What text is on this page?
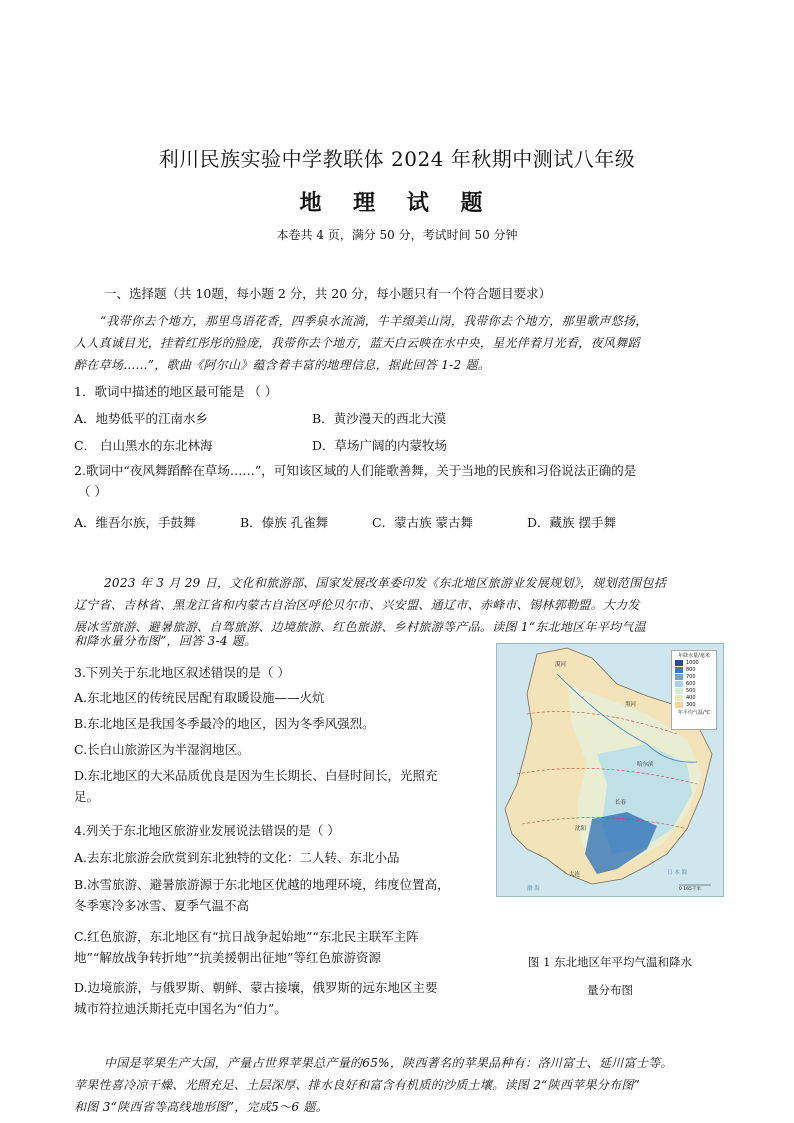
利川民族实验中学教联体 2024 年秋期中测试八年级
地 理 试 题
本卷共 4 页，满分 50 分，考试时间 50 分钟
一、选择题（共 10题，每小题 2 分，共 20 分，每小题只有一个符合题目要求）
“我带你去个地方，那里鸟语花香，四季泉水流淌，牛羊缀美山岗，我带你去个地方，那里歌声悠扬，
人人真诚目光，挂着红彤彤的脸庞，我带你去个地方，蓝天白云映在水中央，星光伴着月光看，夜风舞蹈
醉在草场……”，歌曲《阿尔山》蕴含着丰富的地理信息，据此回答 1-2 题。
1．歌词中描述的地区最可能是 （ ）
A．地势低平的江南水乡	B．黄沙漫天的西北大漠
C． 白山黑水的东北林海	D．草场广阔的内蒙牧场
2.歌词中“夜风舞蹈醉在草场……”，可知该区域的人们能歌善舞，关于当地的民族和习俗说法正确的是
（ ）
A．维吾尔族，手鼓舞	B．傣族 孔雀舞	C．蒙古族 蒙古舞	D．藏族 摆手舞
2023 年 3 月 29 日，文化和旅游部、国家发展改革委印发《东北地区旅游业发展规划》，规划范围包括
辽宁省、吉林省、黑龙江省和内蒙古自治区呼伦贝尔市、兴安盟、通辽市、赤峰市、锡林郭勒盟。大力发
展冰雪旅游、避暑旅游、自驾旅游、边境旅游、红色旅游、乡村旅游等产品。读图 1“东北地区年平均气温
和降水量分布图”，回答 3-4 题。
3.下列关于东北地区叙述错误的是（ ）
A.东北地区的传统民居配有取暖设施——火炕
B.东北地区是我国冬季最冷的地区，因为冬季风强烈。
C.长白山旅游区为半湿润地区。
D.东北地区的大米品质优良是因为生长期长、白昼时间长，光照充
足。
4.列关于东北地区旅游业发展说法错误的是（ ）
A.去东北旅游会欣赏到东北独特的文化：二人转、东北小品
B.冰雪旅游、避暑旅游源于东北地区优越的地理环境，纬度位置高，
冬季寒冷多冰雪、夏季气温不高
C.红色旅游，东北地区有“抗日战争起始地”“东北民主联军主阵
地”“解放战争转折地”“抗美援朝出征地”等红色旅游资源
D.边境旅游，与俄罗斯、朝鲜、蒙古接壤，俄罗斯的远东地区主要
城市符拉迪沃斯托克中国名为“伯力”。
漠河
黑河
哈尔滨
长春
沈阳
大连
渤 海
日 本 海
0 165千米
年降水量/毫米
1000
800
700
600
500
400
300
年平均气温/℃
图 1 东北地区年平均气温和降水
量分布图
中国是苹果生产大国，产量占世界苹果总产量的65%，陕西著名的苹果品种有：洛川富士、延川富士等。
苹果性喜冷凉干燥、光照充足、土层深厚、排水良好和富含有机质的沙质土壤。读图 2“陕西苹果分布图”
和图 3“陕西省等高线地形图”，完成5～6 题。
